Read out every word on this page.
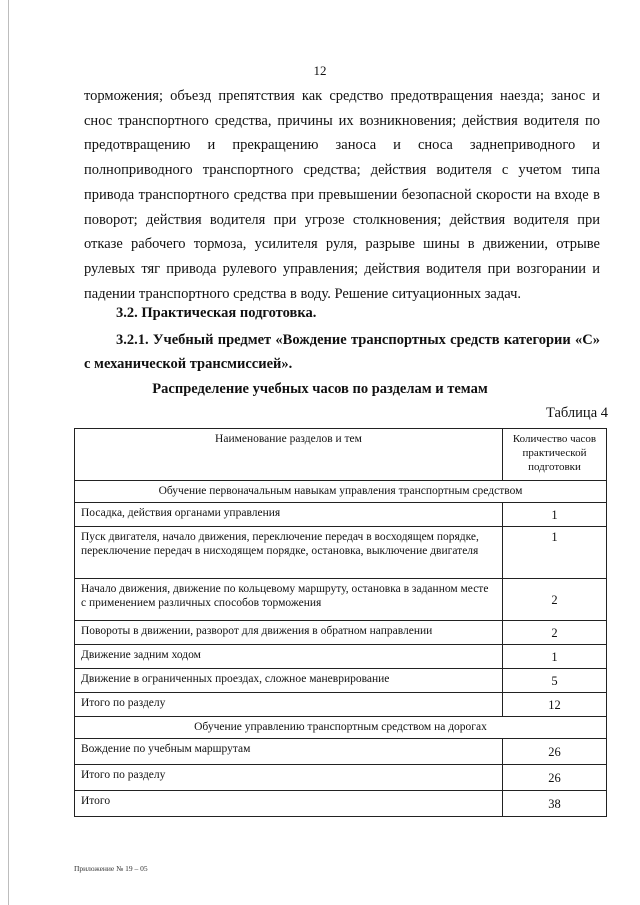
12

торможения; объезд препятствия как средство предотвращения наезда; занос и снос транспортного средства, причины их возникновения; действия водителя по предотвращению и прекращению заноса и сноса заднеприводного и полноприводного транспортного средства; действия водителя с учетом типа привода транспортного средства при превышении безопасной скорости на входе в поворот; действия водителя при угрозе столкновения; действия водителя при отказе рабочего тормоза, усилителя руля, разрыве шины в движении, отрыве рулевых тяг привода рулевого управления; действия водителя при возгорании и падении транспортного средства в воду. Решение ситуационных задач.

3.2. Практическая подготовка.
3.2.1. Учебный предмет «Вождение транспортных средств категории «С» с механической трансмиссией».
Распределение учебных часов по разделам и темам
Таблица 4
Наименование разделов и тем	Количество часов практической подготовки
Обучение первоначальным навыкам управления транспортным средством	
Посадка, действия органами управления	1
Пуск двигателя, начало движения, переключение передач в восходящем порядке, переключение передач в нисходящем порядке, остановка, выключение двигателя	1
Начало движения, движение по кольцевому маршруту, остановка в заданном месте с применением различных способов торможения	2
Повороты в движении, разворот для движения в обратном направлении	2
Движение задним ходом	1
Движение в ограниченных проездах, сложное маневрирование	5
Итого по разделу	12
Обучение управлению транспортным средством на дорогах	
Вождение по учебным маршрутам	26
Итого по разделу	26
Итого	38
Приложение № 19 – 05
